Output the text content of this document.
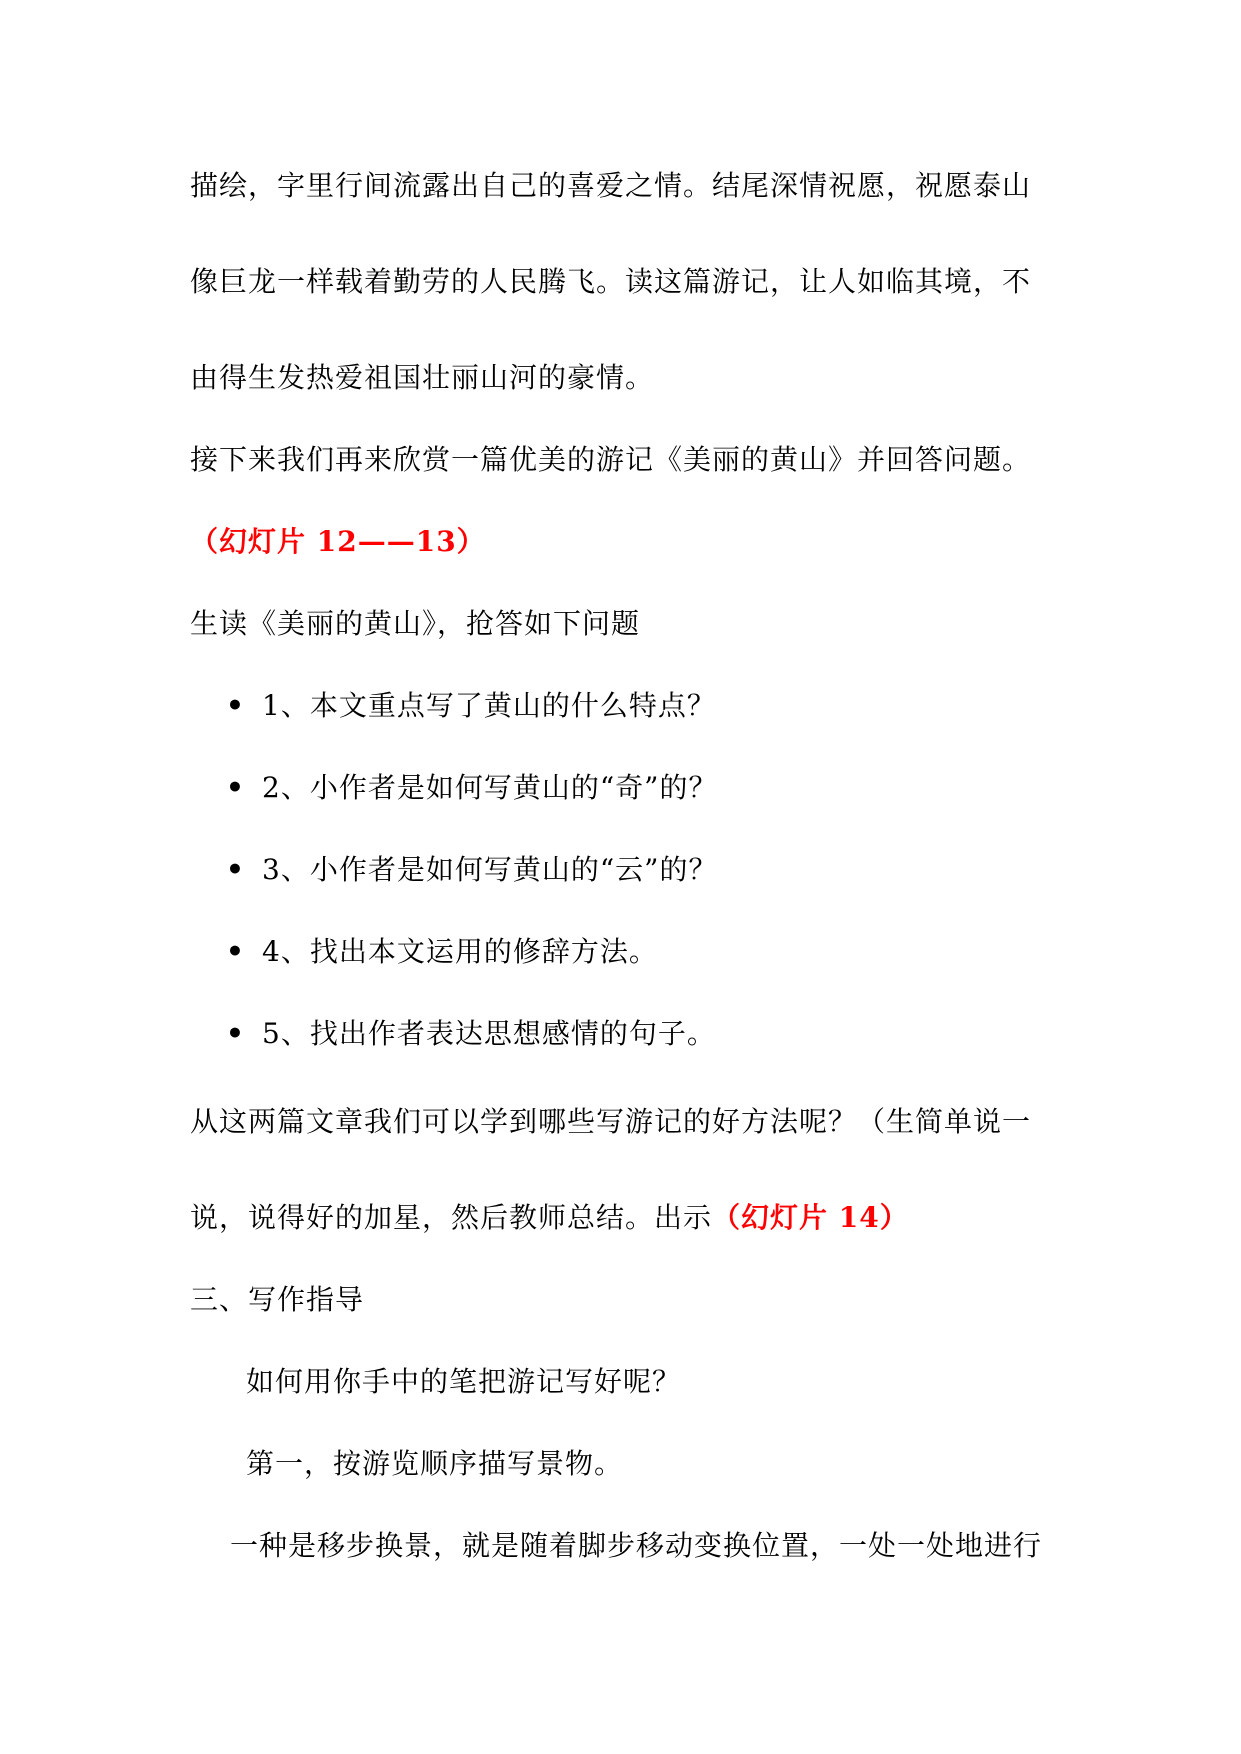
描绘，字里行间流露出自己的喜爱之情。结尾深情祝愿，祝愿泰山
像巨龙一样载着勤劳的人民腾飞。读这篇游记，让人如临其境，不
由得生发热爱祖国壮丽山河的豪情。
接下来我们再来欣赏一篇优美的游记《美丽的黄山》并回答问题。
（幻灯片 12——13）
生读《美丽的黄山》，抢答如下问题
• 1、本文重点写了黄山的什么特点？
• 2、小作者是如何写黄山的“奇”的？
• 3、小作者是如何写黄山的“云”的？
• 4、找出本文运用的修辞方法。
• 5、找出作者表达思想感情的句子。
从这两篇文章我们可以学到哪些写游记的好方法呢？（生简单说一
说，说得好的加星，然后教师总结。出示（幻灯片 14）
三、写作指导
如何用你手中的笔把游记写好呢？
第一，按游览顺序描写景物。
一种是移步换景，就是随着脚步移动变换位置，一处一处地进行
